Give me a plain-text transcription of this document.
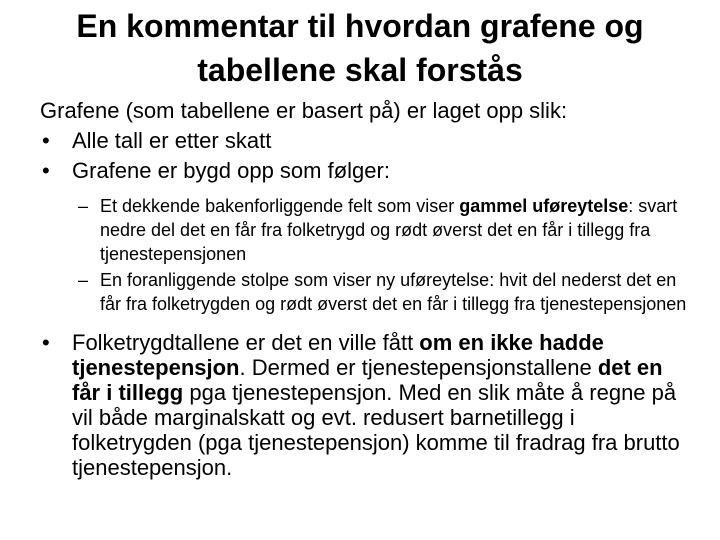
En kommentar til hvordan grafene og
tabellene skal forstås

Grafene (som tabellene er basert på) er laget opp slik:

• Alle tall er etter skatt
• Grafene er bygd opp som følger:
– Et dekkende bakenforliggende felt som viser gammel uføreytelse: svart nedre del det en får fra folketrygd og rødt øverst det en får i tillegg fra tjenestepensjonen
– En foranliggende stolpe som viser ny uføreytelse: hvit del nederst det en får fra folketrygden og rødt øverst det en får i tillegg fra tjenestepensjonen
• Folketrygdtallene er det en ville fått om en ikke hadde tjenestepensjon. Dermed er tjenestepensjonstallene det en får i tillegg pga tjenestepensjon. Med en slik måte å regne på vil både marginalskatt og evt. redusert barnetillegg i folketrygden (pga tjenestepensjon) komme til fradrag fra brutto tjenestepensjon.
